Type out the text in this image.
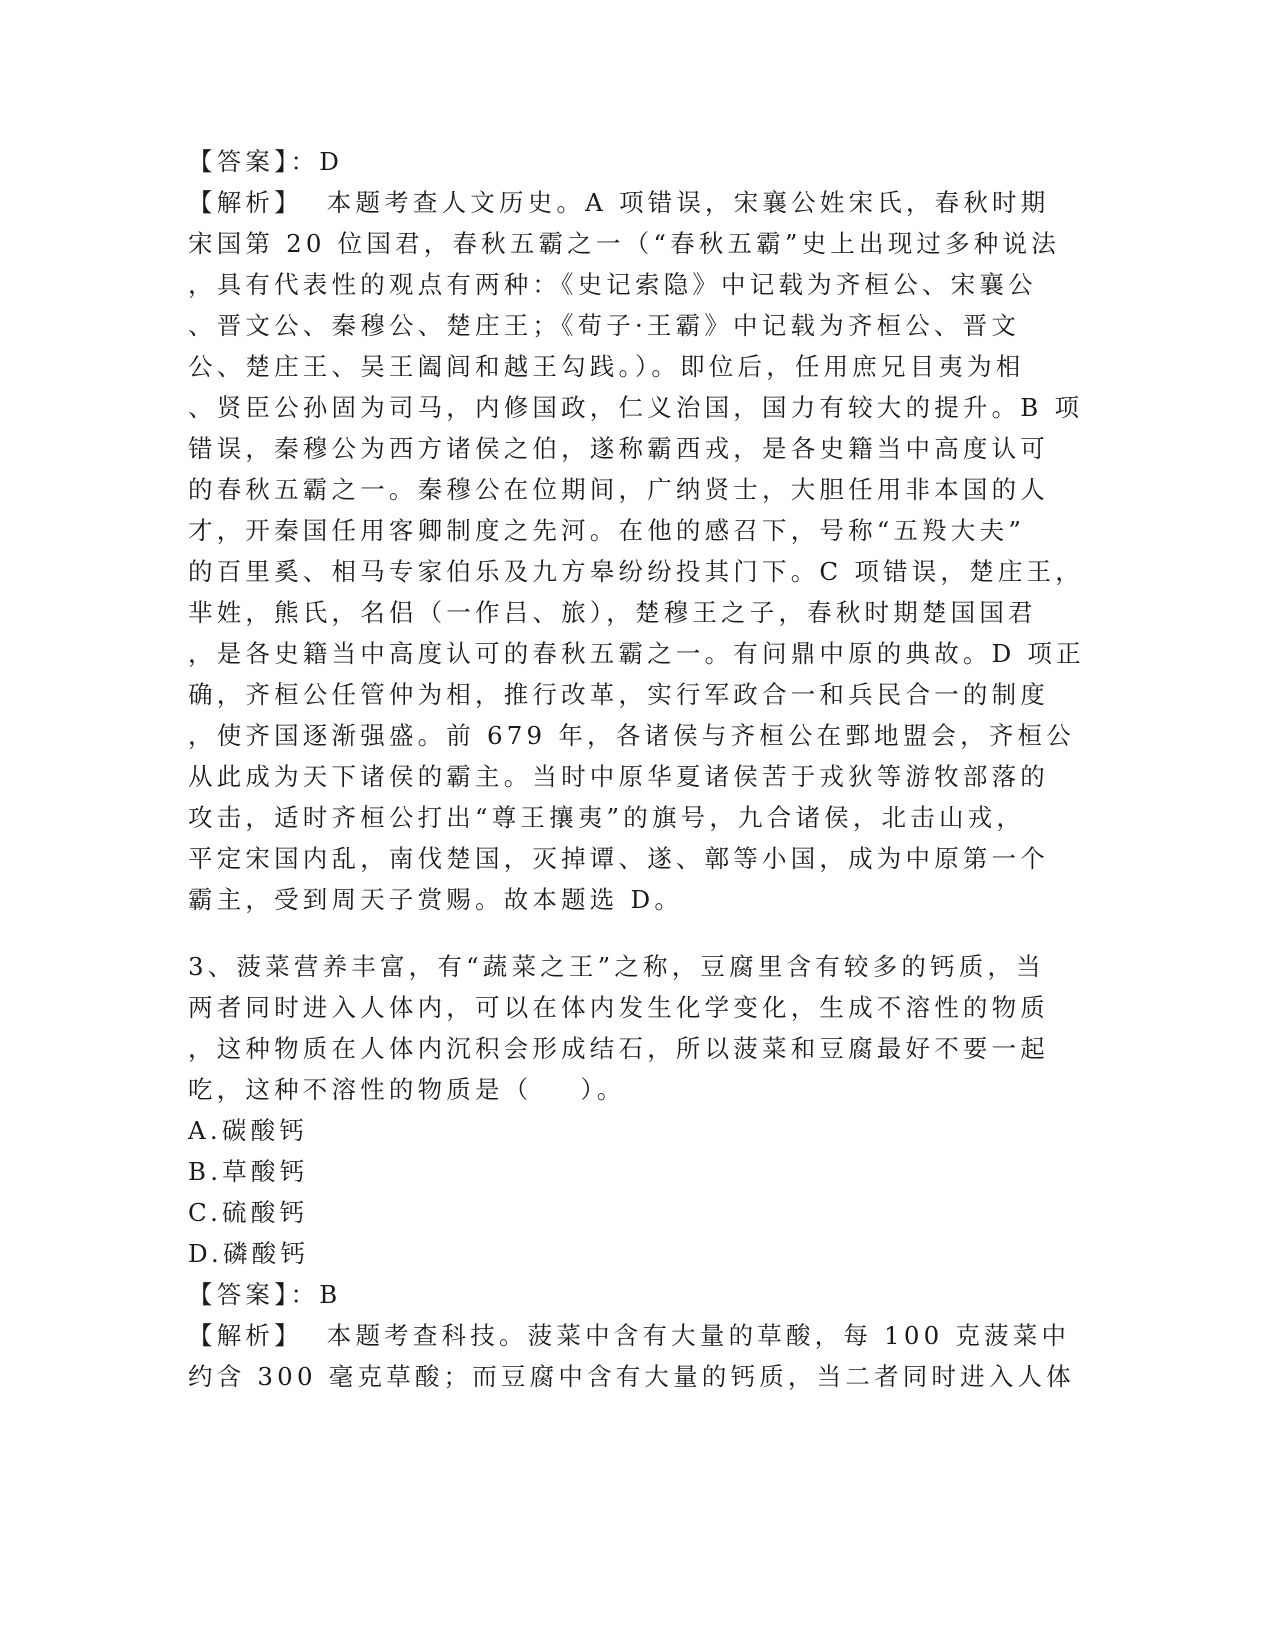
【答案】：D
【解析】  本题考查人文历史。A 项错误，宋襄公姓宋氏，春秋时期
宋国第 20 位国君，春秋五霸之一（“春秋五霸”史上出现过多种说法
，具有代表性的观点有两种：《史记索隐》中记载为齐桓公、宋襄公
、晋文公、秦穆公、楚庄王；《荀子·王霸》中记载为齐桓公、晋文
公、楚庄王、吴王阖闾和越王勾践。）。即位后，任用庶兄目夷为相
、贤臣公孙固为司马，内修国政，仁义治国，国力有较大的提升。B 项
错误，秦穆公为西方诸侯之伯，遂称霸西戎，是各史籍当中高度认可
的春秋五霸之一。秦穆公在位期间，广纳贤士，大胆任用非本国的人
才，开秦国任用客卿制度之先河。在他的感召下，号称“五羖大夫”
的百里奚、相马专家伯乐及九方皋纷纷投其门下。C 项错误，楚庄王，
芈姓，熊氏，名侣（一作吕、旅），楚穆王之子，春秋时期楚国国君
，是各史籍当中高度认可的春秋五霸之一。有问鼎中原的典故。D 项正
确，齐桓公任管仲为相，推行改革，实行军政合一和兵民合一的制度
，使齐国逐渐强盛。前 679 年，各诸侯与齐桓公在鄄地盟会，齐桓公
从此成为天下诸侯的霸主。当时中原华夏诸侯苦于戎狄等游牧部落的
攻击，适时齐桓公打出“尊王攘夷”的旗号，九合诸侯，北击山戎，
平定宋国内乱，南伐楚国，灭掉谭、遂、鄣等小国，成为中原第一个
霸主，受到周天子赏赐。故本题选 D。
3、菠菜营养丰富，有“蔬菜之王”之称，豆腐里含有较多的钙质，当
两者同时进入人体内，可以在体内发生化学变化，生成不溶性的物质
，这种物质在人体内沉积会形成结石，所以菠菜和豆腐最好不要一起
吃，这种不溶性的物质是（    ）。
A.碳酸钙
B.草酸钙
C.硫酸钙
D.磷酸钙
【答案】：B
【解析】  本题考查科技。菠菜中含有大量的草酸，每 100 克菠菜中
约含 300 毫克草酸；而豆腐中含有大量的钙质，当二者同时进入人体
